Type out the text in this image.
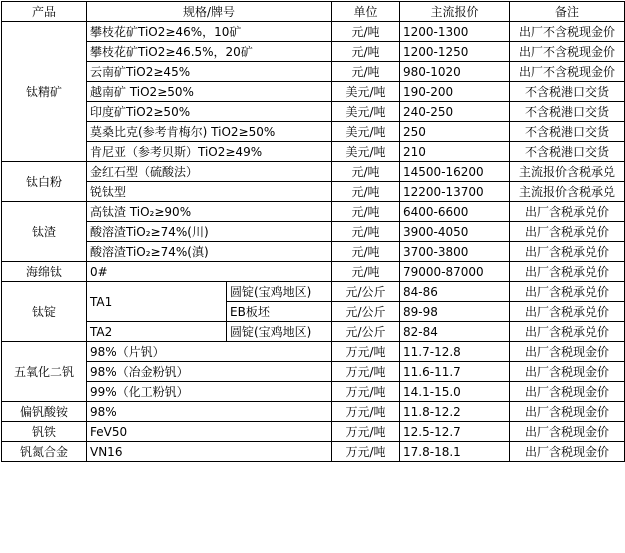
产品	规格/牌号		单位	主流报价	备注
钛精矿	攀枝花矿TiO2≥46%，10矿		元/吨	1200-1300	出厂不含税现金价
	攀枝花矿TiO2≥46.5%，20矿		元/吨	1200-1250	出厂不含税现金价
	云南矿TiO2≥45%		元/吨	980-1020	出厂不含税现金价
	越南矿 TiO2≥50%		美元/吨	190-200	不含税港口交货
	印度矿TiO2≥50%		美元/吨	240-250	不含税港口交货
	莫桑比克(参考肯梅尔) TiO2≥50%		美元/吨	250	不含税港口交货
	肯尼亚（参考贝斯）TiO2≥49%		美元/吨	210	不含税港口交货
钛白粉	金红石型（硫酸法）		元/吨	14500-16200	主流报价含税承兑
	锐钛型		元/吨	12200-13700	主流报价含税承兑
钛渣	高钛渣 TiO₂≥90%		元/吨	6400-6600	出厂含税承兑价
	酸溶渣TiO₂≥74%(川)		元/吨	3900-4050	出厂含税承兑价
	酸溶渣TiO₂≥74%(滇)		元/吨	3700-3800	出厂含税承兑价
海绵钛	0#		元/吨	79000-87000	出厂含税承兑价
钛锭	TA1	圆锭(宝鸡地区)	元/公斤	84-86	出厂含税承兑价
		EB板坯	元/公斤	89-98	出厂含税承兑价
	TA2	圆锭(宝鸡地区)	元/公斤	82-84	出厂含税承兑价
五氧化二钒	98%（片钒）		万元/吨	11.7-12.8	出厂含税现金价
	98%（冶金粉钒）		万元/吨	11.6-11.7	出厂含税现金价
	99%（化工粉钒）		万元/吨	14.1-15.0	出厂含税现金价
偏钒酸铵	98%		万元/吨	11.8-12.2	出厂含税现金价
钒铁	FeV50		万元/吨	12.5-12.7	出厂含税现金价
钒氮合金	VN16		万元/吨	17.8-18.1	出厂含税现金价
